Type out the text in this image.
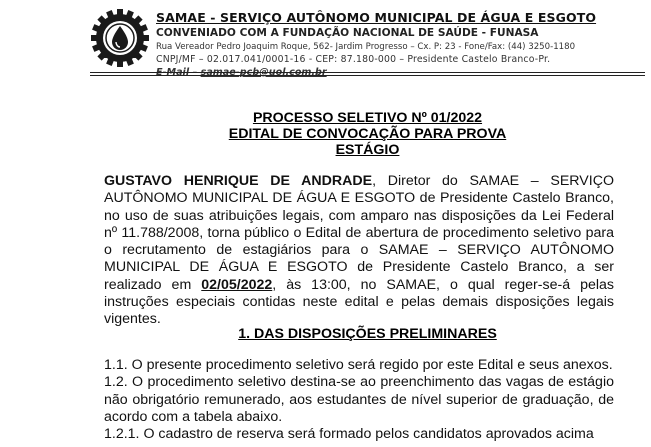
SAMAE - SERVIÇO AUTÔNOMO MUNICIPAL DE ÁGUA E ESGOTO
CONVENIADO COM A FUNDAÇÃO NACIONAL DE SAÚDE - FUNASA
Rua Vereador Pedro Joaquim Roque, 562- Jardim Progresso – Cx. P: 23 - Fone/Fax: (44) 3250-1180
CNPJ/MF – 02.017.041/0001-16 - CEP: 87.180-000 – Presidente Castelo Branco-Pr.
E-Mail – samae-pcb@uol.com.br
PROCESSO SELETIVO Nº 01/2022
EDITAL DE CONVOCAÇÃO PARA PROVA
ESTÁGIO
GUSTAVO HENRIQUE DE ANDRADE, Diretor do SAMAE – SERVIÇO AUTÔNOMO MUNICIPAL DE ÁGUA E ESGOTO de Presidente Castelo Branco, no uso de suas atribuições legais, com amparo nas disposições da Lei Federal nº 11.788/2008, torna público o Edital de abertura de procedimento seletivo para o recrutamento de estagiários para o SAMAE – SERVIÇO AUTÔNOMO MUNICIPAL DE ÁGUA E ESGOTO de Presidente Castelo Branco, a ser realizado em 02/05/2022, às 13:00, no SAMAE, o qual reger-se-á pelas instruções especiais contidas neste edital e pelas demais disposições legais vigentes.
1. DAS DISPOSIÇÕES PRELIMINARES

1.1. O presente procedimento seletivo será regido por este Edital e seus anexos.

1.2. O procedimento seletivo destina-se ao preenchimento das vagas de estágio não obrigatório remunerado, aos estudantes de nível superior de graduação, de acordo com a tabela abaixo.

1.2.1. O cadastro de reserva será formado pelos candidatos aprovados acima
